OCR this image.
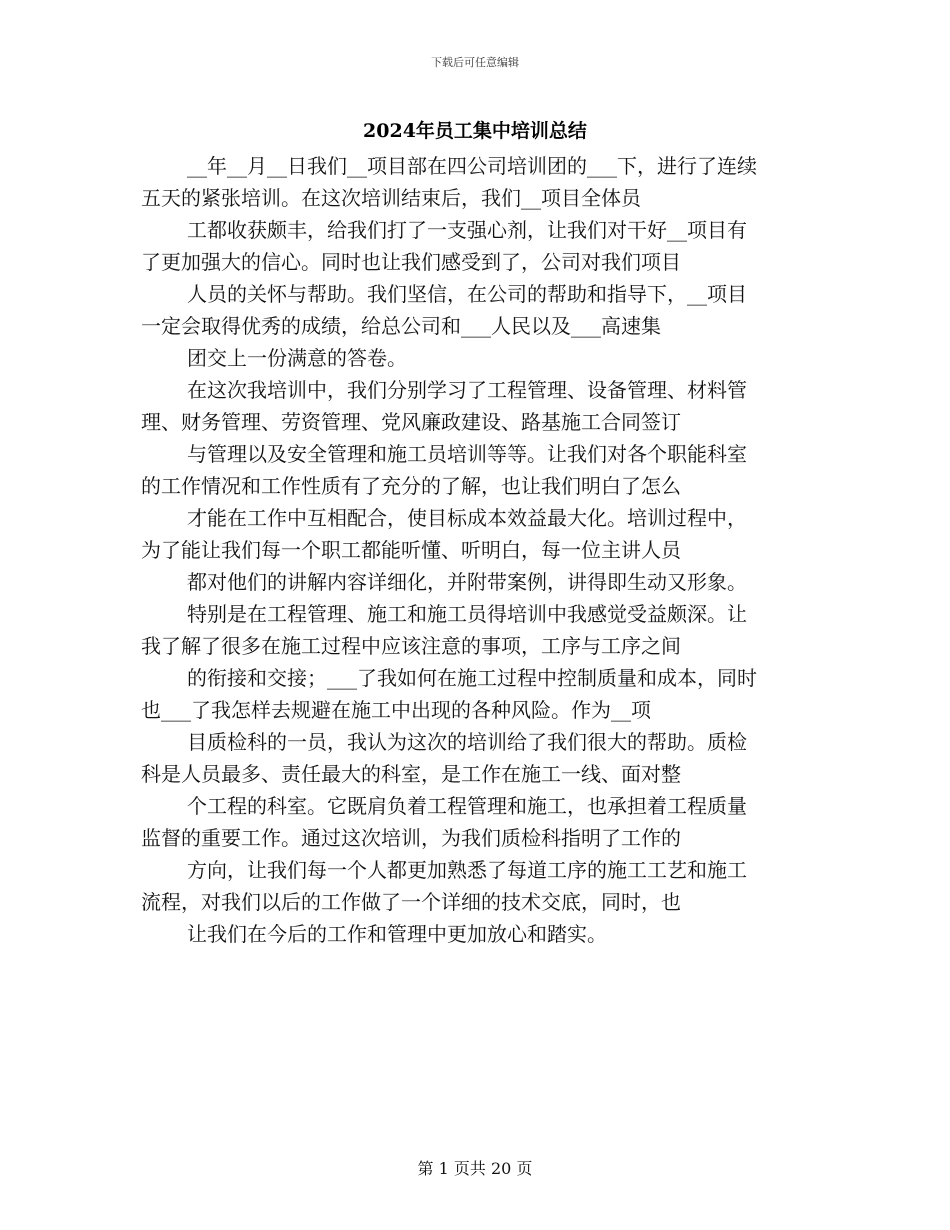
下载后可任意编辑
2024年员工集中培训总结
__年__月__日我们__项目部在四公司培训团的___下，进行了连续
五天的紧张培训。在这次培训结束后，我们__项目全体员
工都收获颇丰，给我们打了一支强心剂，让我们对干好__项目有
了更加强大的信心。同时也让我们感受到了，公司对我们项目
人员的关怀与帮助。我们坚信，在公司的帮助和指导下，__项目
一定会取得优秀的成绩，给总公司和___人民以及___高速集
团交上一份满意的答卷。
在这次我培训中，我们分别学习了工程管理、设备管理、材料管
理、财务管理、劳资管理、党风廉政建设、路基施工合同签订
与管理以及安全管理和施工员培训等等。让我们对各个职能科室
的工作情况和工作性质有了充分的了解，也让我们明白了怎么
才能在工作中互相配合，使目标成本效益最大化。培训过程中，
为了能让我们每一个职工都能听懂、听明白，每一位主讲人员
都对他们的讲解内容详细化，并附带案例，讲得即生动又形象。
特别是在工程管理、施工和施工员得培训中我感觉受益颇深。让
我了解了很多在施工过程中应该注意的事项，工序与工序之间
的衔接和交接；___了我如何在施工过程中控制质量和成本，同时
也___了我怎样去规避在施工中出现的各种风险。作为__项
目质检科的一员，我认为这次的培训给了我们很大的帮助。质检
科是人员最多、责任最大的科室，是工作在施工一线、面对整
个工程的科室。它既肩负着工程管理和施工，也承担着工程质量
监督的重要工作。通过这次培训，为我们质检科指明了工作的
方向，让我们每一个人都更加熟悉了每道工序的施工工艺和施工
流程，对我们以后的工作做了一个详细的技术交底，同时，也
让我们在今后的工作和管理中更加放心和踏实。
第 1 页共 20 页
